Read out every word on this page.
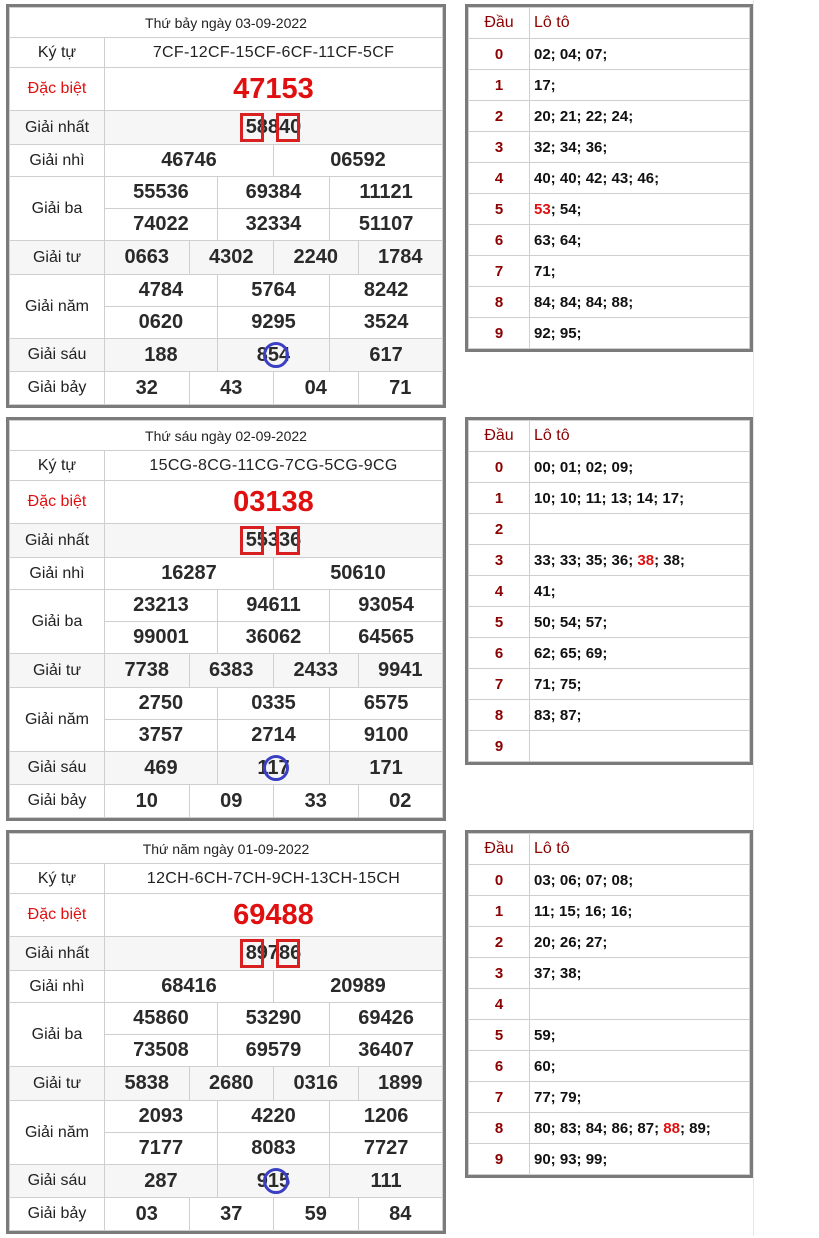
Thứ bảy ngày 03-09-2022
Ký tự	7CF-12CF-15CF-6CF-11CF-5CF
Đặc biệt	47153
Giải nhất	58840

Giải nhì	46746	06592
Giải ba	
55536	69384	11121

74022	32334	51107

Giải tư	0663	4302	2240	1784
Giải năm	
4784	5764	8242

0620	9295	3524

Giải sáu		188	854	617

Giải bảy	32	43	04	71
Đầu	Lô tô
0	02; 04; 07;
1	17;
2	20; 21; 22; 24;
3	32; 34; 36;
4	40; 40; 42; 43; 46;
5	53; 54;
6	63; 64;
7	71;
8	84; 84; 84; 88;
9	92; 95;
Thứ sáu ngày 02-09-2022
Ký tự	15CG-8CG-11CG-7CG-5CG-9CG
Đặc biệt	03138
Giải nhất	55336

Giải nhì	16287	50610
Giải ba	
23213	94611	93054

99001	36062	64565

Giải tư	7738	6383	2433	9941
Giải năm	
2750	0335	6575

3757	2714	9100

Giải sáu		469	117	171

Giải bảy	10	09	33	02
Đầu	Lô tô
0	00; 01; 02; 09;
1	10; 10; 11; 13; 14; 17;
2	
3	33; 33; 35; 36; 38; 38;
4	41;
5	50; 54; 57;
6	62; 65; 69;
7	71; 75;
8	83; 87;
9	
Thứ năm ngày 01-09-2022
Ký tự	12CH-6CH-7CH-9CH-13CH-15CH
Đặc biệt	69488
Giải nhất	89786

Giải nhì	68416	20989
Giải ba	
45860	53290	69426

73508	69579	36407

Giải tư	5838	2680	0316	1899
Giải năm	
2093	4220	1206

7177	8083	7727

Giải sáu		287	915	111

Giải bảy	03	37	59	84
Đầu	Lô tô
0	03; 06; 07; 08;
1	11; 15; 16; 16;
2	20; 26; 27;
3	37; 38;
4	
5	59;
6	60;
7	77; 79;
8	80; 83; 84; 86; 87; 88; 89;
9	90; 93; 99;
